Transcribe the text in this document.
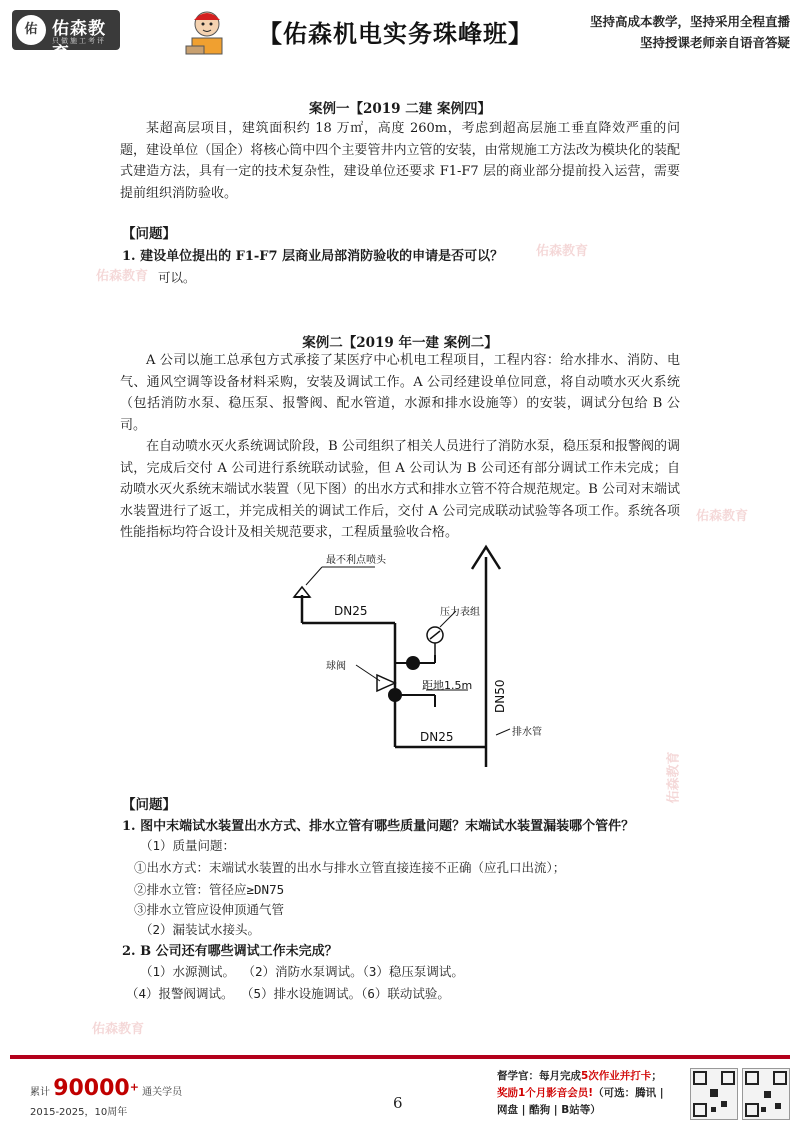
佑 佑森教育
只做施工考评	【佑森机电实务珠峰班】	坚持高成本教学，坚持采用全程直播
坚持授课老师亲自语音答疑
佑森教育
佑森教育
佑森教育
佑森教育
佑森教育
案例一【2019 二建 案例四】
某超高层项目，建筑面积约 18 万㎡，高度 260m，考虑到超高层施工垂直降效严重的问题，建设单位（国企）将核心筒中四个主要管井内立管的安装，由常规施工方法改为模块化的装配式建造方法，具有一定的技术复杂性，建设单位还要求 F1-F7 层的商业部分提前投入运营，需要提前组织消防验收。
【问题】
1. 建设单位提出的 F1-F7 层商业局部消防验收的申请是否可以？
可以。
案例二【2019 年一建 案例二】
A 公司以施工总承包方式承接了某医疗中心机电工程项目，工程内容：给水排水、消防、电气、通风空调等设备材料采购，安装及调试工作。A 公司经建设单位同意，将自动喷水灭火系统（包括消防水泵、稳压泵、报警阀、配水管道，水源和排水设施等）的安装，调试分包给 B 公司。
在自动喷水灭火系统调试阶段，B 公司组织了相关人员进行了消防水泵，稳压泵和报警阀的调试，完成后交付 A 公司进行系统联动试验，但 A 公司认为 B 公司还有部分调试工作未完成；自动喷水灭火系统末端试水装置（见下图）的出水方式和排水立管不符合规范规定。B 公司对末端试水装置进行了返工，并完成相关的调试工作后，交付 A 公司完成联动试验等各项工作。系统各项性能指标均符合设计及相关规范要求，工程质量验收合格。
最不利点喷头
DN25	压力表组
球阀
距地1.5m DN50
DN25	排水管
【问题】
1. 图中末端试水装置出水方式、排水立管有哪些质量问题？末端试水装置漏装哪个管件？
（1）质量问题：
①出水方式：末端试水装置的出水与排水立管直接连接不正确（应孔口出流）；
②排水立管：管径应≥DN75
③排水立管应设伸顶通气管
（2）漏装试水接头。
2. B 公司还有哪些调试工作未完成？
（1）水源测试。 （2）消防水泵调试。（3）稳压泵调试。
（4）报警阀调试。 （5）排水设施调试。（6）联动试验。
累计 90000+ 通关学员
2015-2025，10周年
6
督学官：每月完成5次作业并打卡；
奖励1个月影音会员!（可选：腾讯 |
网盘 | 酷狗 | B站等）
